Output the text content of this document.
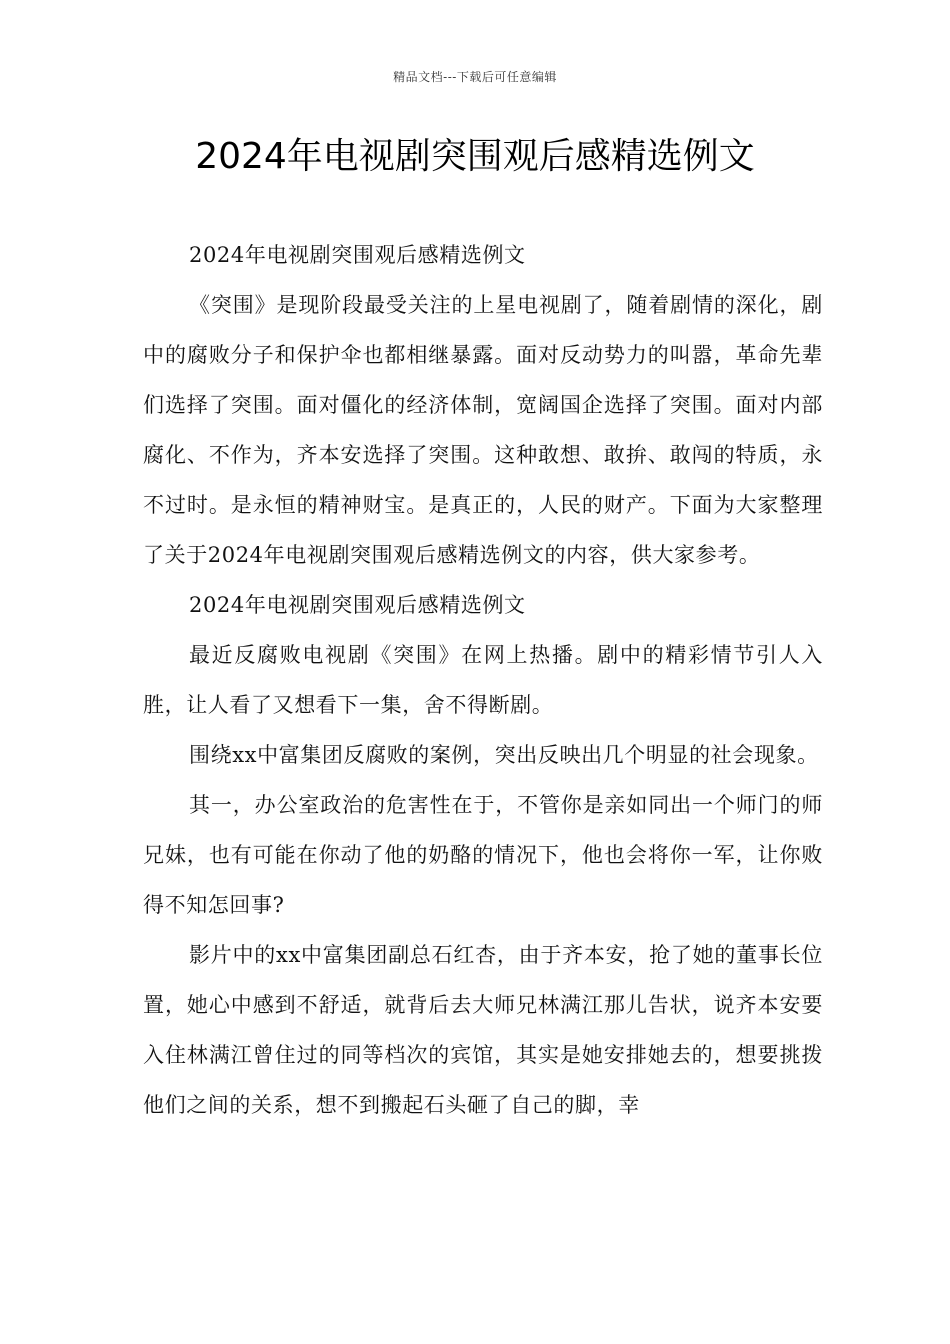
精品文档---下载后可任意编辑
2024年电视剧突围观后感精选例文

2024年电视剧突围观后感精选例文

《突围》是现阶段最受关注的上星电视剧了，随着剧情的深化，剧中的腐败分子和保护伞也都相继暴露。面对反动势力的叫嚣，革命先辈们选择了突围。面对僵化的经济体制，宽阔国企选择了突围。面对内部腐化、不作为，齐本安选择了突围。这种敢想、敢拚、敢闯的特质，永不过时。是永恒的精神财宝。是真正的，人民的财产。下面为大家整理了关于2024年电视剧突围观后感精选例文的内容，供大家参考。

2024年电视剧突围观后感精选例文

最近反腐败电视剧《突围》在网上热播。剧中的精彩情节引人入胜，让人看了又想看下一集，舍不得断剧。

围绕xx中富集团反腐败的案例，突出反映出几个明显的社会现象。

其一，办公室政治的危害性在于，不管你是亲如同出一个师门的师兄妹，也有可能在你动了他的奶酪的情况下，他也会将你一军，让你败得不知怎回事?

影片中的xx中富集团副总石红杏，由于齐本安，抢了她的董事长位置，她心中感到不舒适，就背后去大师兄林满江那儿告状，说齐本安要入住林满江曾住过的同等档次的宾馆，其实是她安排她去的，想要挑拨他们之间的关系，想不到搬起石头砸了自己的脚，幸
